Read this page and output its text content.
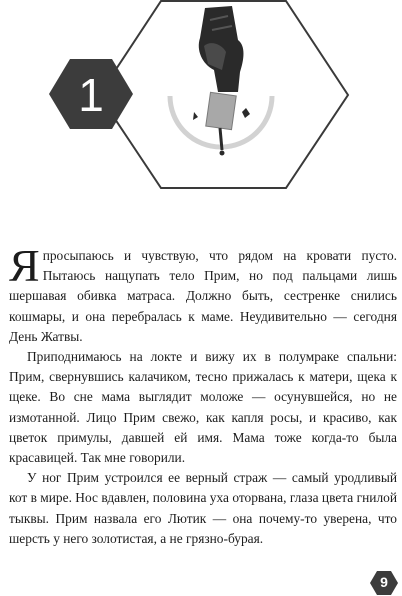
1

Япросыпаюсь и чувствую, что рядом на кровати пусто. Пытаюсь нащупать тело Прим, но под пальцами лишь шершавая обивка матраса. Должно быть, сестренке снились кошмары, и она перебралась к маме. Неудивительно — сегодня День Жатвы.

Приподнимаюсь на локте и вижу их в полумраке спальни: Прим, свернувшись калачиком, тесно прижалась к матери, щека к щеке. Во сне мама выглядит моложе — осунувшейся, но не измотанной. Лицо Прим свежо, как капля росы, и красиво, как цветок примулы, давшей ей имя. Мама тоже когда-то была красавицей. Так мне говорили.

У ног Прим устроился ее верный страж — самый уродливый кот в мире. Нос вдавлен, половина уха оторвана, глаза цвета гнилой тыквы. Прим назвала его Лютик — она почему-то уверена, что шерсть у него золотистая, а не грязно-бурая.

9
